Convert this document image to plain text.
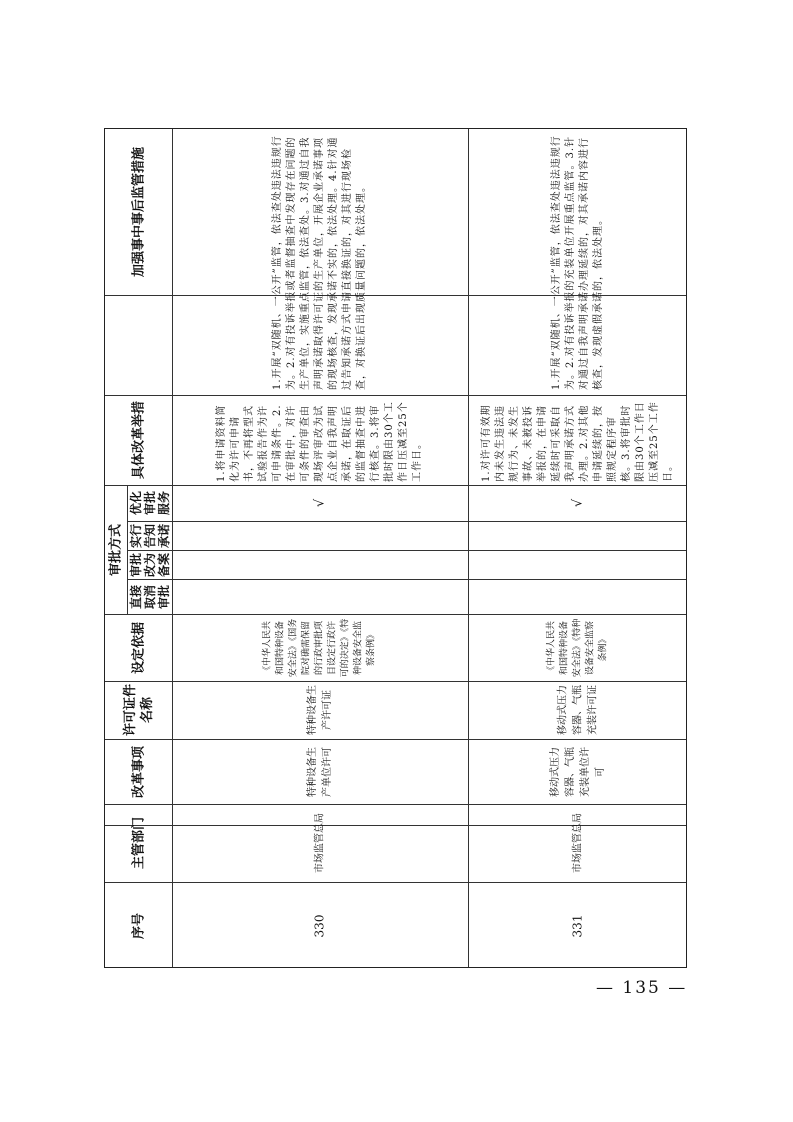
序号
主管部门
改革事项
许可证件名称
设定依据
审批方式
直接取消审批
审批改为备案
实行告知承诺
优化审批服务
具体改革举措
加强事中事后监管措施
330
市场监管总局
特种设备生产单位许可
特种设备生产许可证
《中华人民共和国特种设备安全法》《国务院对确需保留的行政审批项目设定行政许可的决定》《特种设备安全监察条例》
√
1.将申请资料简化为许可申请书，不再将型式试验报告作为许可申请条件。2.在审批中，对许可条件的审查由现场评审改为试点企业自我声明承诺，在取证后的监督抽查中进行核查。3.将审批时限由30个工作日压减至25个工作日。
1.开展“双随机、一公开”监管，依法查处违法违规行为。2.对有投诉举报或者监督抽查中发现存在问题的生产单位，实施重点监管，依法查处。3.对通过自我声明承诺取得许可证的生产单位，开展企业承诺事项的现场核查，发现承诺不实的，依法处理。4.针对通过告知承诺方式申请直接换证的，对其进行现场检查，对换证后出现质量问题的，依法处理。
331
市场监管总局
移动式压力容器、气瓶充装单位许可
移动式压力容器、气瓶充装许可证
《中华人民共和国特种设备安全法》《特种设备安全监察条例》
√
1.对许可有效期内未发生违法违规行为、未发生事故、未被投诉举报的，在申请延续时可采取自我声明承诺方式办理。2.对其他申请延续的，按照规定程序审核。3.将审批时限由30个工作日压减至25个工作日。
1.开展“双随机、一公开”监管，依法查处违法违规行为。2.对有投诉举报的充装单位开展重点监管。3.针对通过自我声明承诺办理延续的，对其承诺内容进行核查，发现虚假承诺的，依法处理。
— 135 —
